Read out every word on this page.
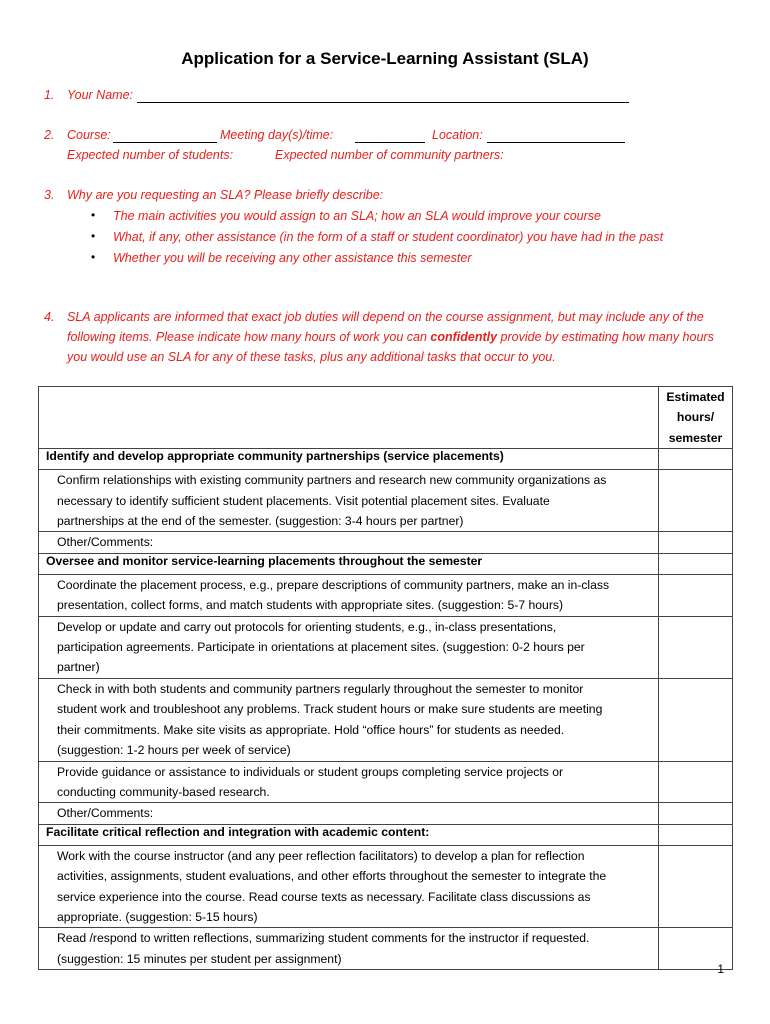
Application for a Service-Learning Assistant (SLA)
1. Your Name:
2. Course:	Meeting day(s)/time:	Location:
Expected number of students:	Expected number of community partners:
3. Why are you requesting an SLA? Please briefly describe:
• The main activities you would assign to an SLA; how an SLA would improve your course
• What, if any, other assistance (in the form of a staff or student coordinator) you have had in the past
• Whether you will be receiving any other assistance this semester
4. SLA applicants are informed that exact job duties will depend on the course assignment, but may include any of the
following items. Please indicate how many hours of work you can confidently provide by estimating how many hours
you would use an SLA for any of these tasks, plus any additional tasks that occur to you.

	Estimated
hours/
semester

Identify and develop appropriate community partnerships (service placements)	

Confirm relationships with existing community partners and research new community organizations as
necessary to identify sufficient student placements. Visit potential placement sites. Evaluate
partnerships at the end of the semester. (suggestion: 3-4 hours per partner)	

Other/Comments:	

Oversee and monitor service-learning placements throughout the semester	

Coordinate the placement process, e.g., prepare descriptions of community partners, make an in-class
presentation, collect forms, and match students with appropriate sites. (suggestion: 5-7 hours)	

Develop or update and carry out protocols for orienting students, e.g., in-class presentations,
participation agreements. Participate in orientations at placement sites. (suggestion: 0-2 hours per
partner)	

Check in with both students and community partners regularly throughout the semester to monitor
student work and troubleshoot any problems. Track student hours or make sure students are meeting
their commitments. Make site visits as appropriate. Hold “office hours” for students as needed.
(suggestion: 1-2 hours per week of service)	

Provide guidance or assistance to individuals or student groups completing service projects or
conducting community-based research.	

Other/Comments:	

Facilitate critical reflection and integration with academic content:	

Work with the course instructor (and any peer reflection facilitators) to develop a plan for reflection
activities, assignments, student evaluations, and other efforts throughout the semester to integrate the
service experience into the course. Read course texts as necessary. Facilitate class discussions as
appropriate. (suggestion: 5-15 hours)	

Read /respond to written reflections, summarizing student comments for the instructor if requested.
(suggestion: 15 minutes per student per assignment)	

1
